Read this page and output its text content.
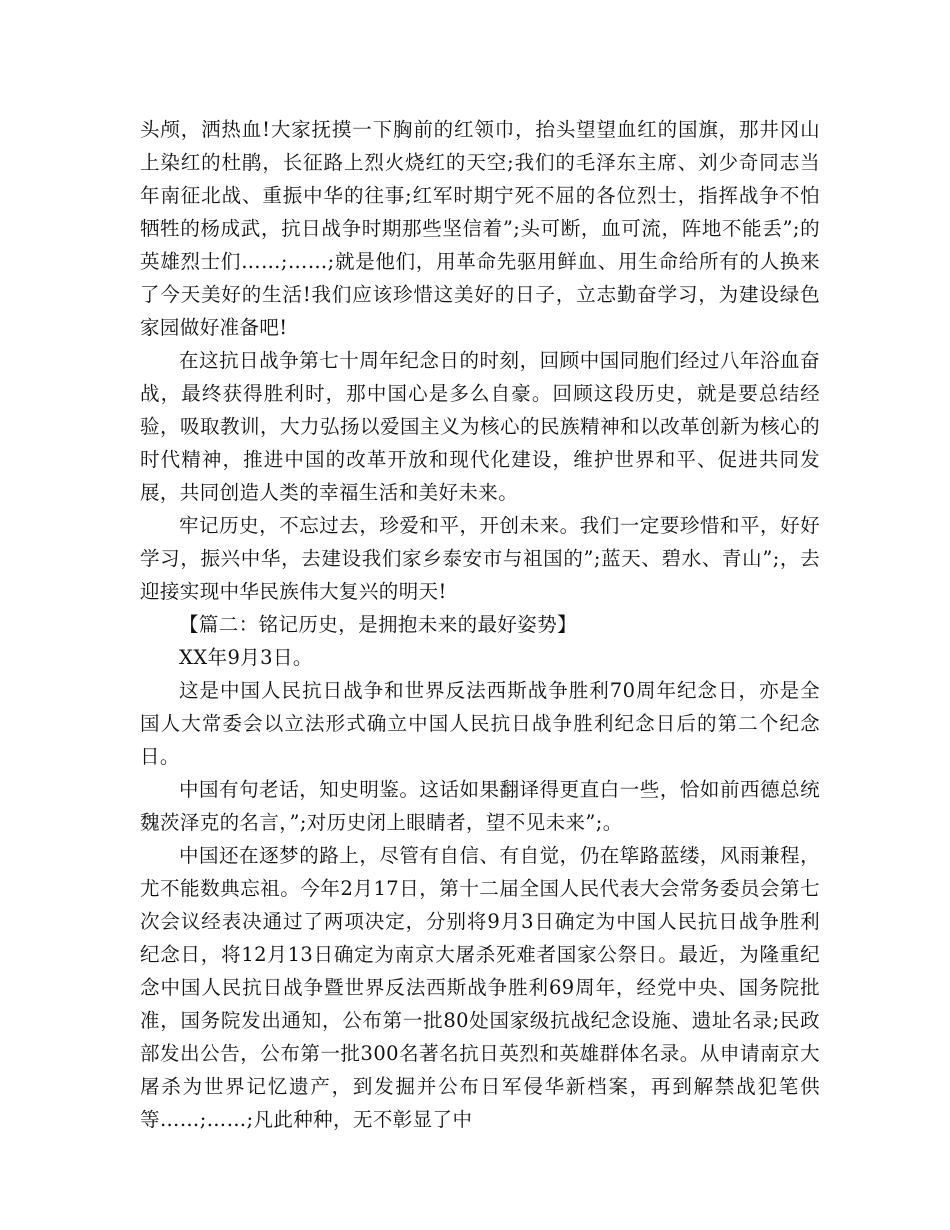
头颅，洒热血!大家抚摸一下胸前的红领巾，抬头望望血红的国旗，那井冈山上染红的杜鹃，长征路上烈火烧红的天空;我们的毛泽东主席、刘少奇同志当年南征北战、重振中华的往事;红军时期宁死不屈的各位烈士，指挥战争不怕牺牲的杨成武，抗日战争时期那些坚信着”;头可断，血可流，阵地不能丢”;的英雄烈士们……;……;就是他们，用革命先驱用鲜血、用生命给所有的人换来了今天美好的生活!我们应该珍惜这美好的日子，立志勤奋学习，为建设绿色家园做好准备吧!

在这抗日战争第七十周年纪念日的时刻，回顾中国同胞们经过八年浴血奋战，最终获得胜利时，那中国心是多么自豪。回顾这段历史，就是要总结经验，吸取教训，大力弘扬以爱国主义为核心的民族精神和以改革创新为核心的时代精神，推进中国的改革开放和现代化建设，维护世界和平、促进共同发展，共同创造人类的幸福生活和美好未来。

牢记历史，不忘过去，珍爱和平，开创未来。我们一定要珍惜和平，好好学习，振兴中华，去建设我们家乡泰安市与祖国的”;蓝天、碧水、青山”;，去迎接实现中华民族伟大复兴的明天!

【篇二：铭记历史，是拥抱未来的最好姿势】

XX年9月3日。

这是中国人民抗日战争和世界反法西斯战争胜利70周年纪念日，亦是全国人大常委会以立法形式确立中国人民抗日战争胜利纪念日后的第二个纪念日。

中国有句老话，知史明鉴。这话如果翻译得更直白一些，恰如前西德总统魏茨泽克的名言，”;对历史闭上眼睛者，望不见未来”;。

中国还在逐梦的路上，尽管有自信、有自觉，仍在筚路蓝缕，风雨兼程，尤不能数典忘祖。今年2月17日，第十二届全国人民代表大会常务委员会第七次会议经表决通过了两项决定，分别将9月3日确定为中国人民抗日战争胜利纪念日，将12月13日确定为南京大屠杀死难者国家公祭日。最近，为隆重纪念中国人民抗日战争暨世界反法西斯战争胜利69周年，经党中央、国务院批准，国务院发出通知，公布第一批80处国家级抗战纪念设施、遗址名录;民政部发出公告，公布第一批300名著名抗日英烈和英雄群体名录。从申请南京大屠杀为世界记忆遗产，到发掘并公布日军侵华新档案，再到解禁战犯笔供等……;……;凡此种种，无不彰显了中
